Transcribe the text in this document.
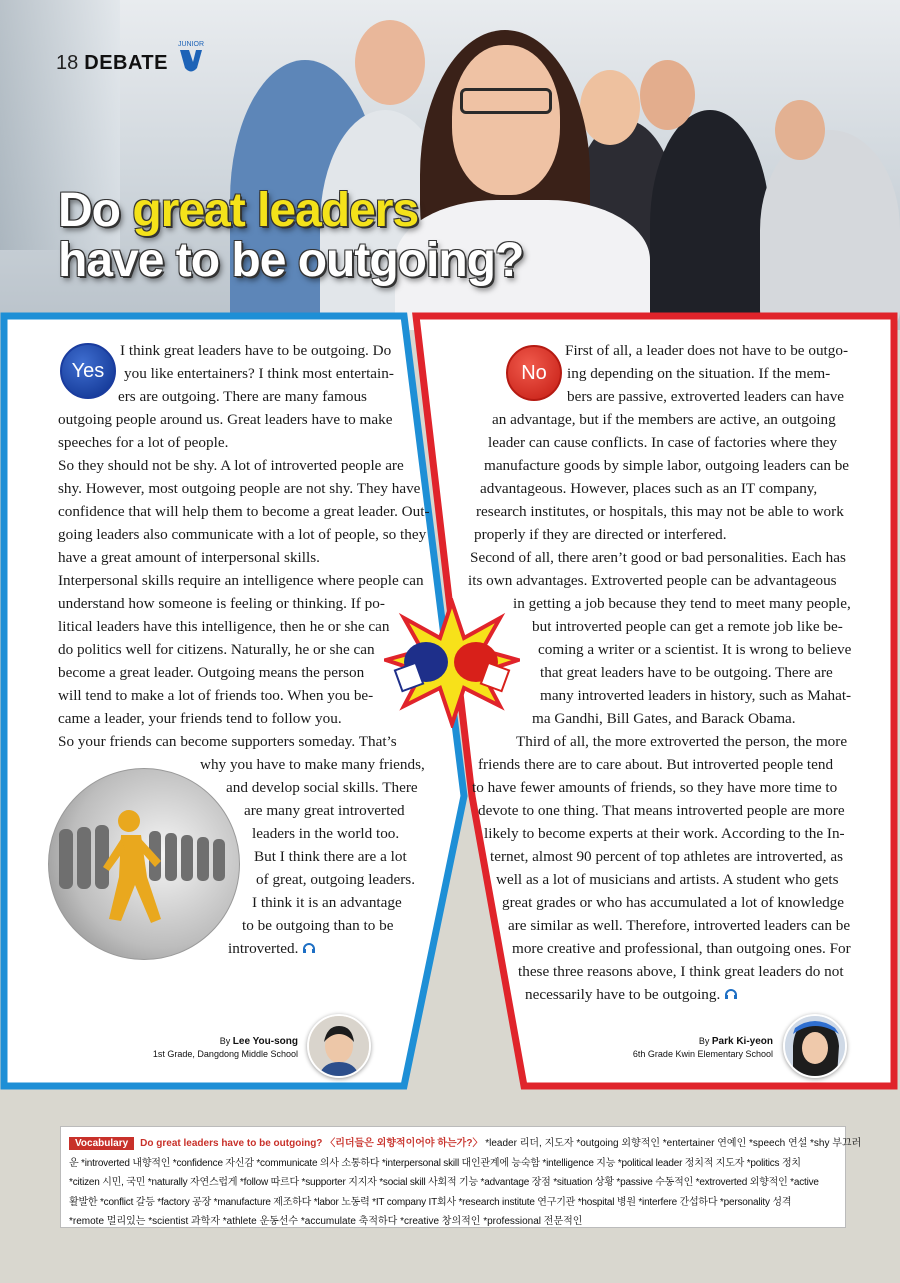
18 DEBATE
JUNIOR
Do great leaders
have to be outgoing?
Yes
I think great leaders have to be outgoing. Do
you like entertainers? I think most entertain-
ers are outgoing. There are many famous
outgoing people around us. Great leaders have to make
speeches for a lot of people.
So they should not be shy. A lot of introverted people are
shy. However, most outgoing people are not shy. They have
confidence that will help them to become a great leader. Out-
going leaders also communicate with a lot of people, so they
have a great amount of interpersonal skills.
Interpersonal skills require an intelligence where people can
understand how someone is feeling or thinking. If po-
litical leaders have this intelligence, then he or she can
do politics well for citizens. Naturally, he or she can
become a great leader. Outgoing means the person
will tend to make a lot of friends too. When you be-
came a leader, your friends tend to follow you.
So your friends can become supporters someday. That’s
why you have to make many friends,
and develop social skills. There
are many great introverted
leaders in the world too.
But I think there are a lot
of great, outgoing leaders.
I think it is an advantage
to be outgoing than to be
introverted.
By Lee You-song
1st Grade, Dangdong Middle School
No
First of all, a leader does not have to be outgo-
ing depending on the situation. If the mem-
bers are passive, extroverted leaders can have
an advantage, but if the members are active, an outgoing
leader can cause conflicts. In case of factories where they
manufacture goods by simple labor, outgoing leaders can be
advantageous. However, places such as an IT company,
research institutes, or hospitals, this may not be able to work
properly if they are directed or interfered.
Second of all, there aren’t good or bad personalities. Each has
its own advantages. Extroverted people can be advantageous
in getting a job because they tend to meet many people,
but introverted people can get a remote job like be-
coming a writer or a scientist. It is wrong to believe
that great leaders have to be outgoing. There are
many introverted leaders in history, such as Mahat-
ma Gandhi, Bill Gates, and Barack Obama.
Third of all, the more extroverted the person, the more
friends there are to care about. But introverted people tend
to have fewer amounts of friends, so they have more time to
devote to one thing. That means introverted people are more
likely to become experts at their work. According to the In-
ternet, almost 90 percent of top athletes are introverted, as
well as a lot of musicians and artists. A student who gets
great grades or who has accumulated a lot of knowledge
are similar as well. Therefore, introverted leaders can be
more creative and professional, than outgoing ones. For
these three reasons above, I think great leaders do not
necessarily have to be outgoing.
By Park Ki-yeon
6th Grade Kwin Elementary School
Vocabulary Do great leaders have to be outgoing? 〈리더들은 외향적이어야 하는가?〉 *leader 리더, 지도자 *outgoing 외향적인 *entertainer 연예인 *speech 연설 *shy 부끄러
운 *introverted 내향적인 *confidence 자신감 *communicate 의사 소통하다 *interpersonal skill 대인관계에 능숙함 *intelligence 지능 *political leader 정치적 지도자 *politics 정치
*citizen 시민, 국민 *naturally 자연스럽게 *follow 따르다 *supporter 지지자 *social skill 사회적 기능 *advantage 장점 *situation 상황 *passive 수동적인 *extroverted 외향적인 *active
활발한 *conflict 갈등 *factory 공장 *manufacture 제조하다 *labor 노동력 *IT company IT회사 *research institute 연구기관 *hospital 병원 *interfere 간섭하다 *personality 성격
*remote 멀리있는 *scientist 과학자 *athlete 운동선수 *accumulate 축적하다 *creative 창의적인 *professional 전문적인
